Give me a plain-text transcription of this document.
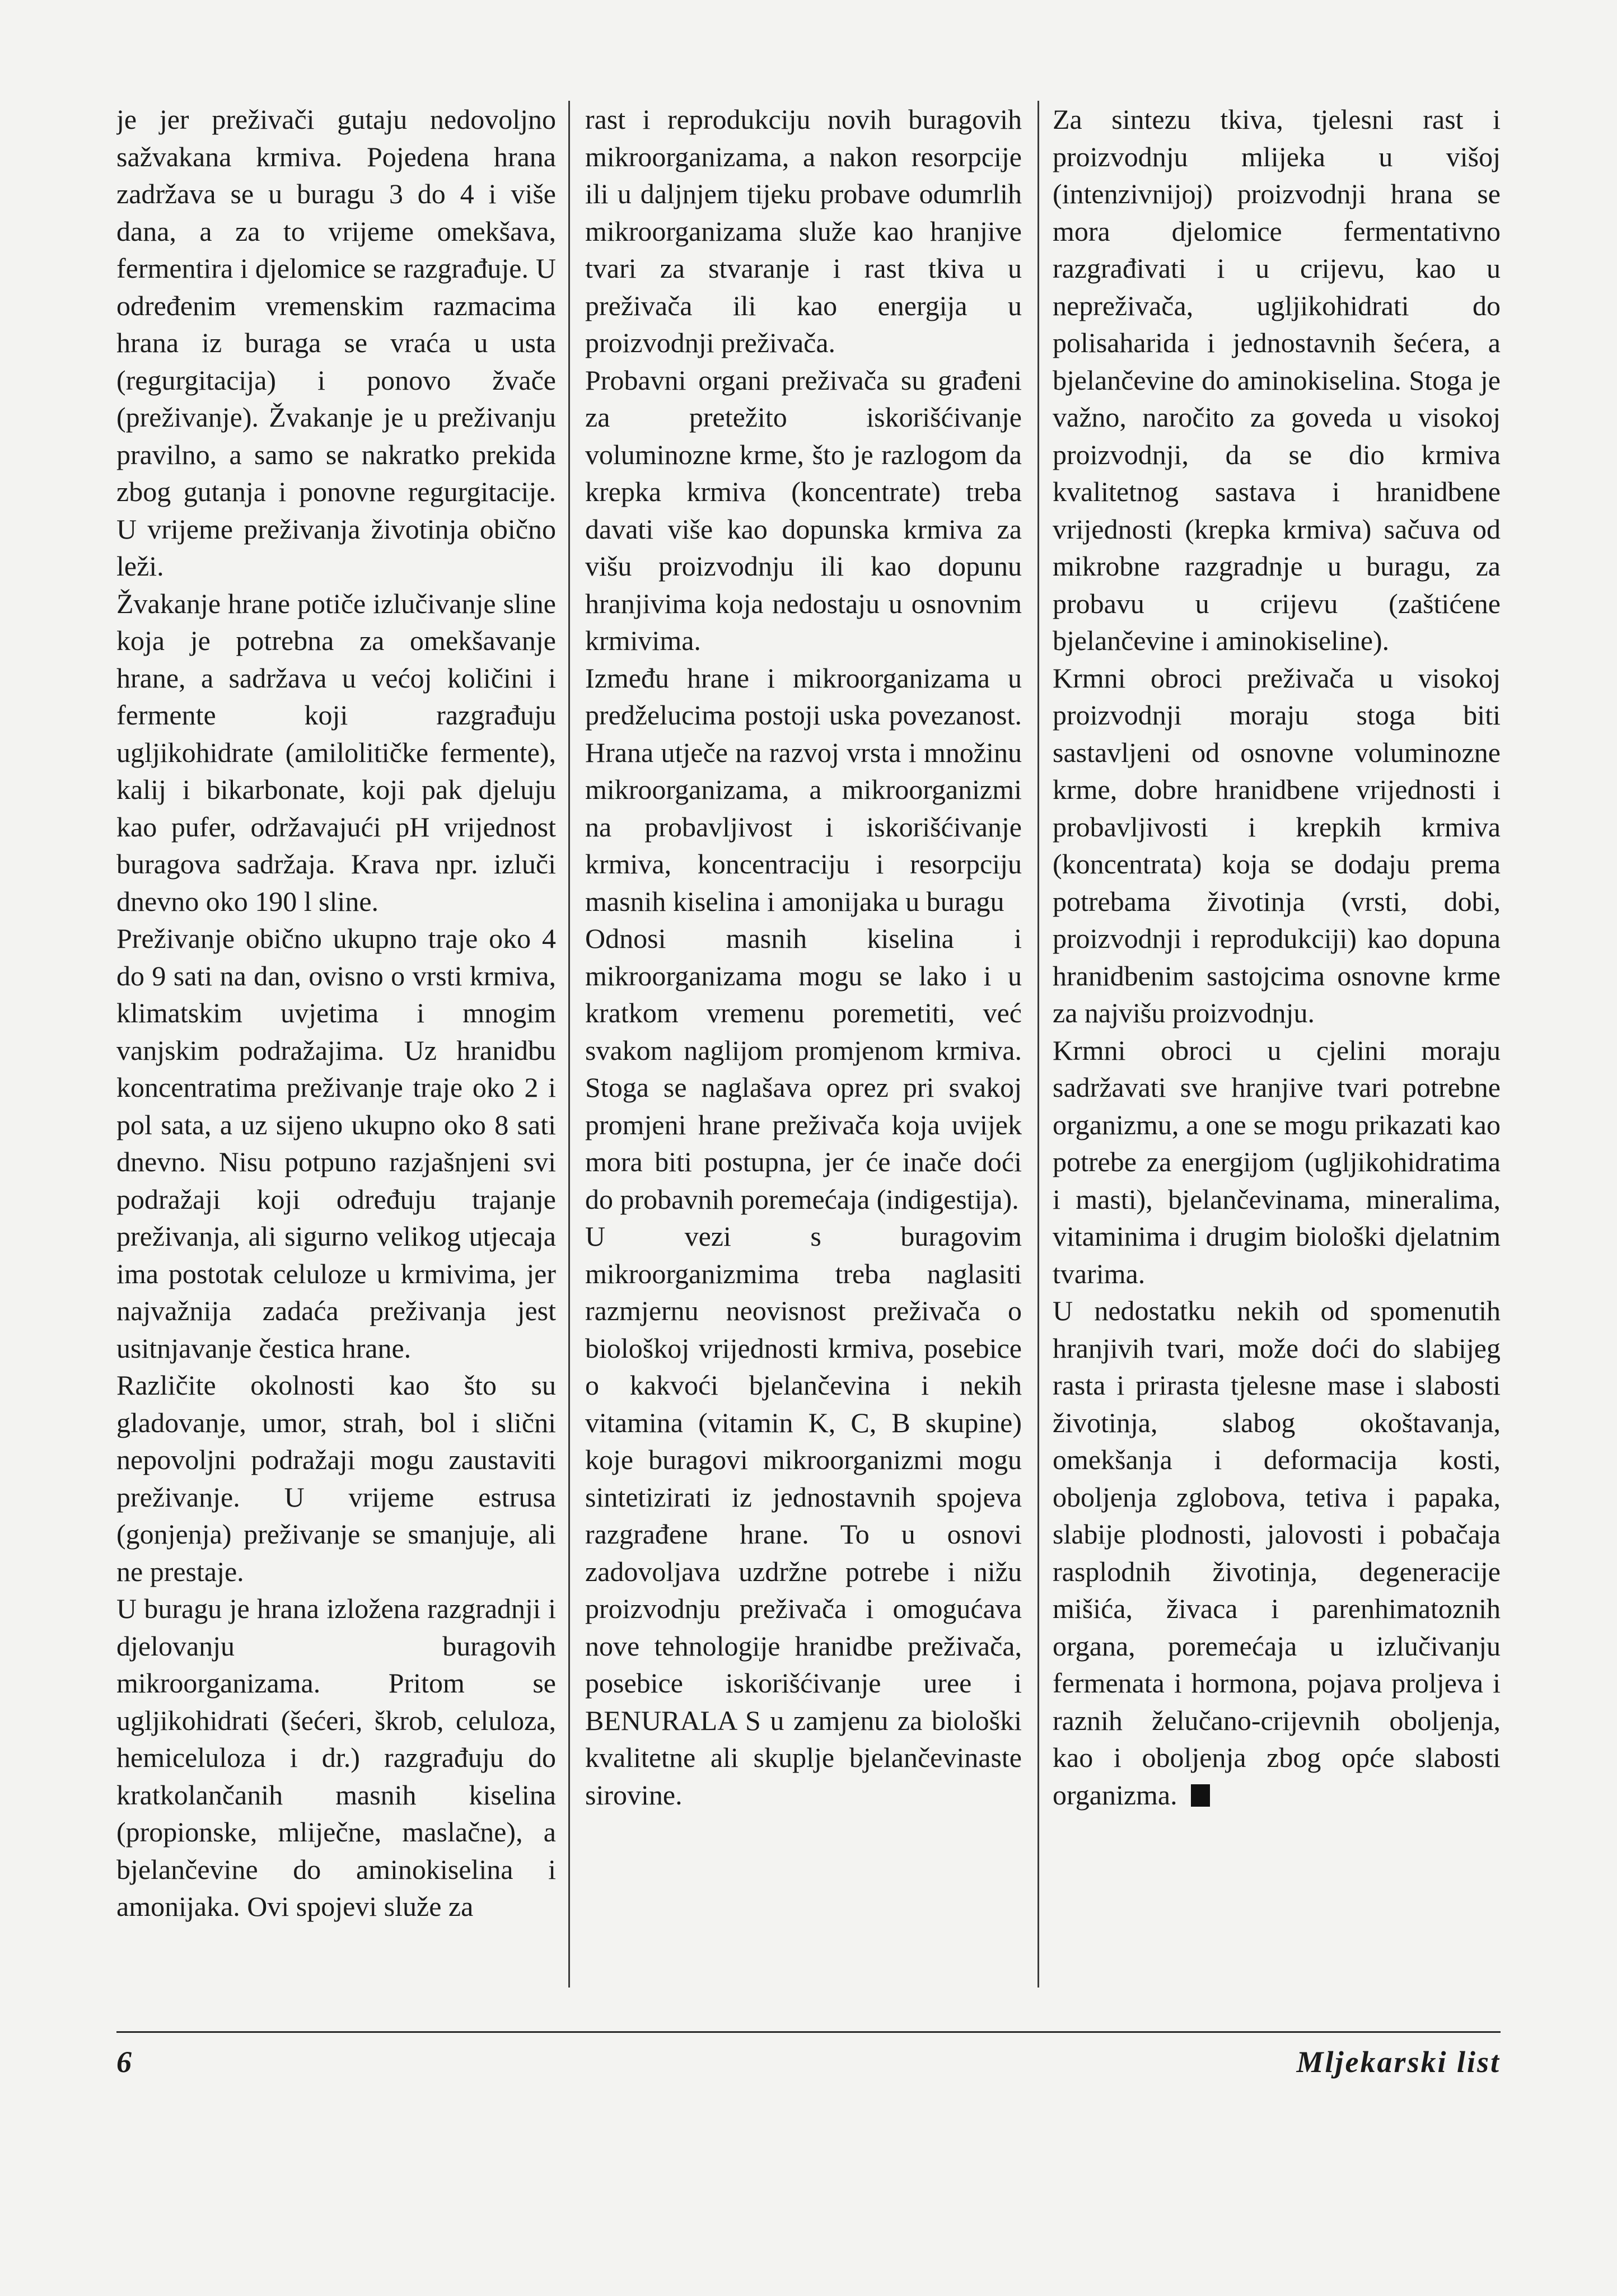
je jer preživači gutaju nedovoljno sažvakana krmiva. Pojedena hrana zadržava se u buragu 3 do 4 i više dana, a za to vrijeme omekšava, fermentira i djelomice se razgrađuje. U određenim vremenskim razmacima hrana iz buraga se vraća u usta (regurgitacija) i ponovo žvače (preživanje). Žvakanje je u preživanju pravilno, a samo se nakratko prekida zbog gutanja i ponovne regurgitacije. U vrijeme preživanja životinja obično leži.

Žvakanje hrane potiče izlučivanje sline koja je potrebna za omekšavanje hrane, a sadržava u većoj količini i fermente koji razgrađuju ugljikohidrate (amilolitičke fermente), kalij i bikarbonate, koji pak djeluju kao pufer, održavajući pH vrijednost buragova sadržaja. Krava npr. izluči dnevno oko 190 l sline.

Preživanje obično ukupno traje oko 4 do 9 sati na dan, ovisno o vrsti krmiva, klimatskim uvjetima i mnogim vanjskim podražajima. Uz hranidbu koncentratima preživanje traje oko 2 i pol sata, a uz sijeno ukupno oko 8 sati dnevno. Nisu potpuno razjašnjeni svi podražaji koji određuju trajanje preživanja, ali sigurno velikog utjecaja ima postotak celuloze u krmivima, jer najvažnija zadaća preživanja jest usitnjavanje čestica hrane.

Različite okolnosti kao što su gladovanje, umor, strah, bol i slični nepovoljni podražaji mogu zaustaviti preživanje. U vrijeme estrusa (gonjenja) preživanje se smanjuje, ali ne prestaje.

U buragu je hrana izložena razgradnji i djelovanju buragovih mikroorganizama. Pritom se ugljikohidrati (šećeri, škrob, celuloza, hemiceluloza i dr.) razgrađuju do kratkolančanih masnih kiselina (propionske, mliječne, maslačne), a bjelančevine do aminokiselina i amonijaka. Ovi spojevi služe za

rast i reprodukciju novih buragovih mikroorganizama, a nakon resorpcije ili u daljnjem tijeku probave odumrlih mikroorganizama služe kao hranjive tvari za stvaranje i rast tkiva u preživača ili kao energija u proizvodnji preživača.

Probavni organi preživača su građeni za pretežito iskorišćivanje voluminozne krme, što je razlogom da krepka krmiva (koncentrate) treba davati više kao dopunska krmiva za višu proizvodnju ili kao dopunu hranjivima koja nedostaju u osnovnim krmivima.

Između hrane i mikroorganizama u predželucima postoji uska povezanost. Hrana utječe na razvoj vrsta i množinu mikroorganizama, a mikroorganizmi na probavljivost i iskorišćivanje krmiva, koncentraciju i resorpciju masnih kiselina i amonijaka u buragu

Odnosi masnih kiselina i mikroorganizama mogu se lako i u kratkom vremenu poremetiti, već svakom naglijom promjenom krmiva. Stoga se naglašava oprez pri svakoj promjeni hrane preživača koja uvijek mora biti postupna, jer će inače doći do probavnih poremećaja (indigestija).

U vezi s buragovim mikroorganizmima treba naglasiti razmjernu neovisnost preživača o biološkoj vrijednosti krmiva, posebice o kakvoći bjelančevina i nekih vitamina (vitamin K, C, B skupine) koje buragovi mikroorganizmi mogu sintetizirati iz jednostavnih spojeva razgrađene hrane. To u osnovi zadovoljava uzdržne potrebe i nižu proizvodnju preživača i omogućava nove tehnologije hranidbe preživača, posebice iskorišćivanje uree i BENURALA S u zamjenu za biološki kvalitetne ali skuplje bjelančevinaste sirovine.

Za sintezu tkiva, tjelesni rast i proizvodnju mlijeka u višoj (intenzivnijoj) proizvodnji hrana se mora djelomice fermentativno razgrađivati i u crijevu, kao u nepreživača, ugljikohidrati do polisaharida i jednostavnih šećera, a bjelančevine do aminokiselina. Stoga je važno, naročito za goveda u visokoj proizvodnji, da se dio krmiva kvalitetnog sastava i hranidbene vrijednosti (krepka krmiva) sačuva od mikrobne razgradnje u buragu, za probavu u crijevu (zaštićene bjelančevine i aminokiseline).

Krmni obroci preživača u visokoj proizvodnji moraju stoga biti sastavljeni od osnovne voluminozne krme, dobre hranidbene vrijednosti i probavljivosti i krepkih krmiva (koncentrata) koja se dodaju prema potrebama životinja (vrsti, dobi, proizvodnji i reprodukciji) kao dopuna hranidbenim sastojcima osnovne krme za najvišu proizvodnju.

Krmni obroci u cjelini moraju sadržavati sve hranjive tvari potrebne organizmu, a one se mogu prikazati kao potrebe za energijom (ugljikohidratima i masti), bjelančevinama, mineralima, vitaminima i drugim biološki djelatnim tvarima.

U nedostatku nekih od spomenutih hranjivih tvari, može doći do slabijeg rasta i prirasta tjelesne mase i slabosti životinja, slabog okoštavanja, omekšanja i deformacija kosti, oboljenja zglobova, tetiva i papaka, slabije plodnosti, jalovosti i pobačaja rasplodnih životinja, degeneracije mišića, živaca i parenhimatoznih organa, poremećaja u izlučivanju fermenata i hormona, pojava proljeva i raznih želučano-crijevnih oboljenja, kao i oboljenja zbog opće slabosti organizma.

6	Mljekarski list
